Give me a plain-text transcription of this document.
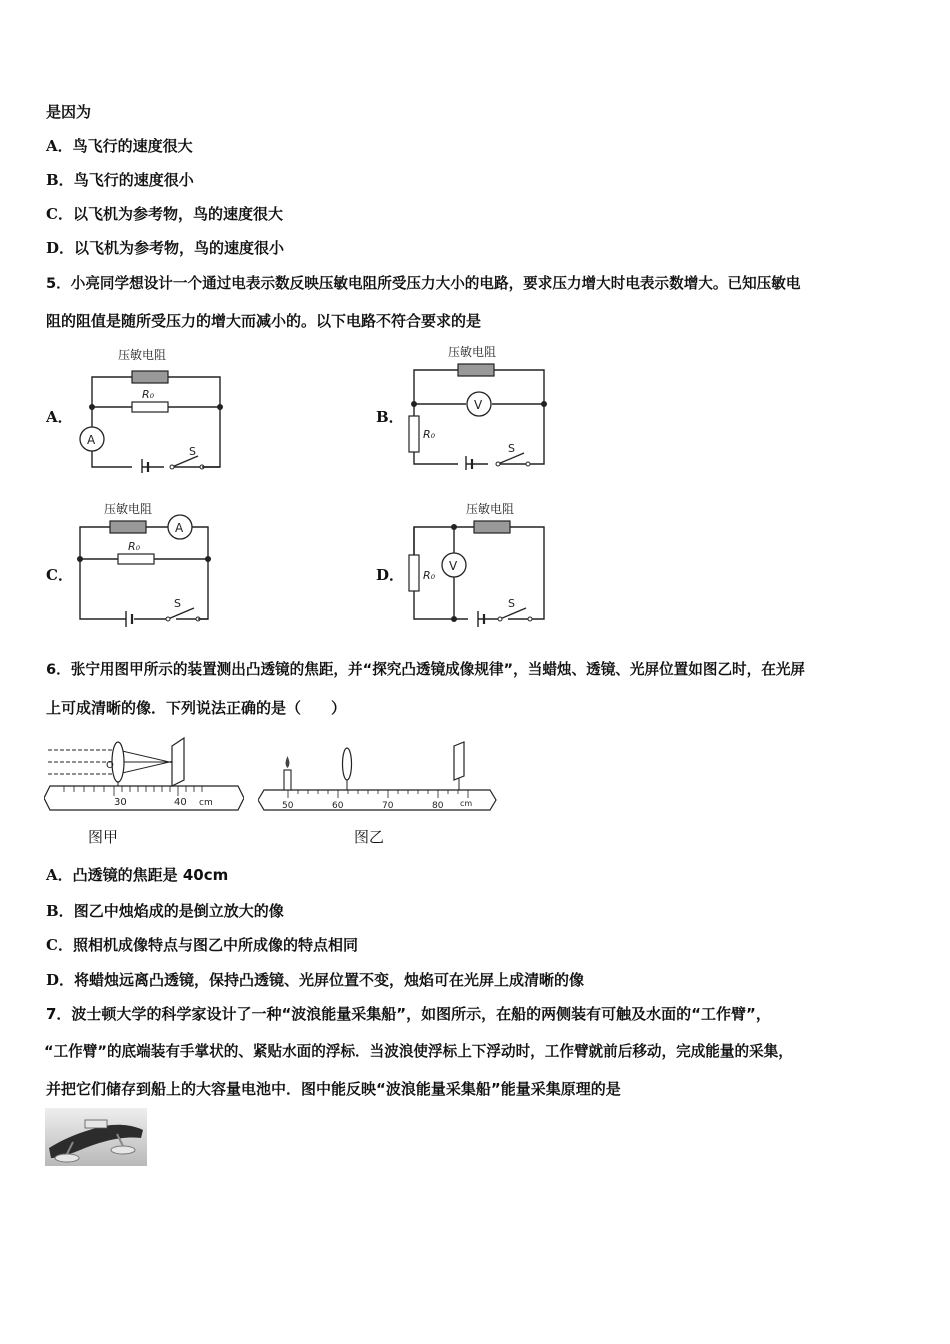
是因为
A．鸟飞行的速度很大
B．鸟飞行的速度很小
C．以飞机为参考物，鸟的速度很大
D．以飞机为参考物，鸟的速度很小
5．小亮同学想设计一个通过电表示数反映压敏电阻所受压力大小的电路，要求压力增大时电表示数增大。已知压敏电
阻的阻值是随所受压力的增大而减小的。以下电路不符合要求的是
A．
压敏电阻
R₀
A
S
B．
压敏电阻
V
R₀
S
C．
压敏电阻
A
R₀
S
D．
压敏电阻
V
R₀
S
6．张宁用图甲所示的装置测出凸透镜的焦距，并“探究凸透镜成像规律”，当蜡烛、透镜、光屏位置如图乙时，在光屏
上可成清晰的像．下列说法正确的是（　　）
30	40 cm
O
图甲
50	60	70	80 cm
图乙
A．凸透镜的焦距是 40cm
B．图乙中烛焰成的是倒立放大的像
C．照相机成像特点与图乙中所成像的特点相同
D．将蜡烛远离凸透镜，保持凸透镜、光屏位置不变，烛焰可在光屏上成清晰的像
7．波士顿大学的科学家设计了一种“波浪能量采集船”，如图所示，在船的两侧装有可触及水面的“工作臂”，
“工作臂”的底端装有手掌状的、紧贴水面的浮标．当波浪使浮标上下浮动时，工作臂就前后移动，完成能量的采集，
并把它们储存到船上的大容量电池中．图中能反映“波浪能量采集船”能量采集原理的是
